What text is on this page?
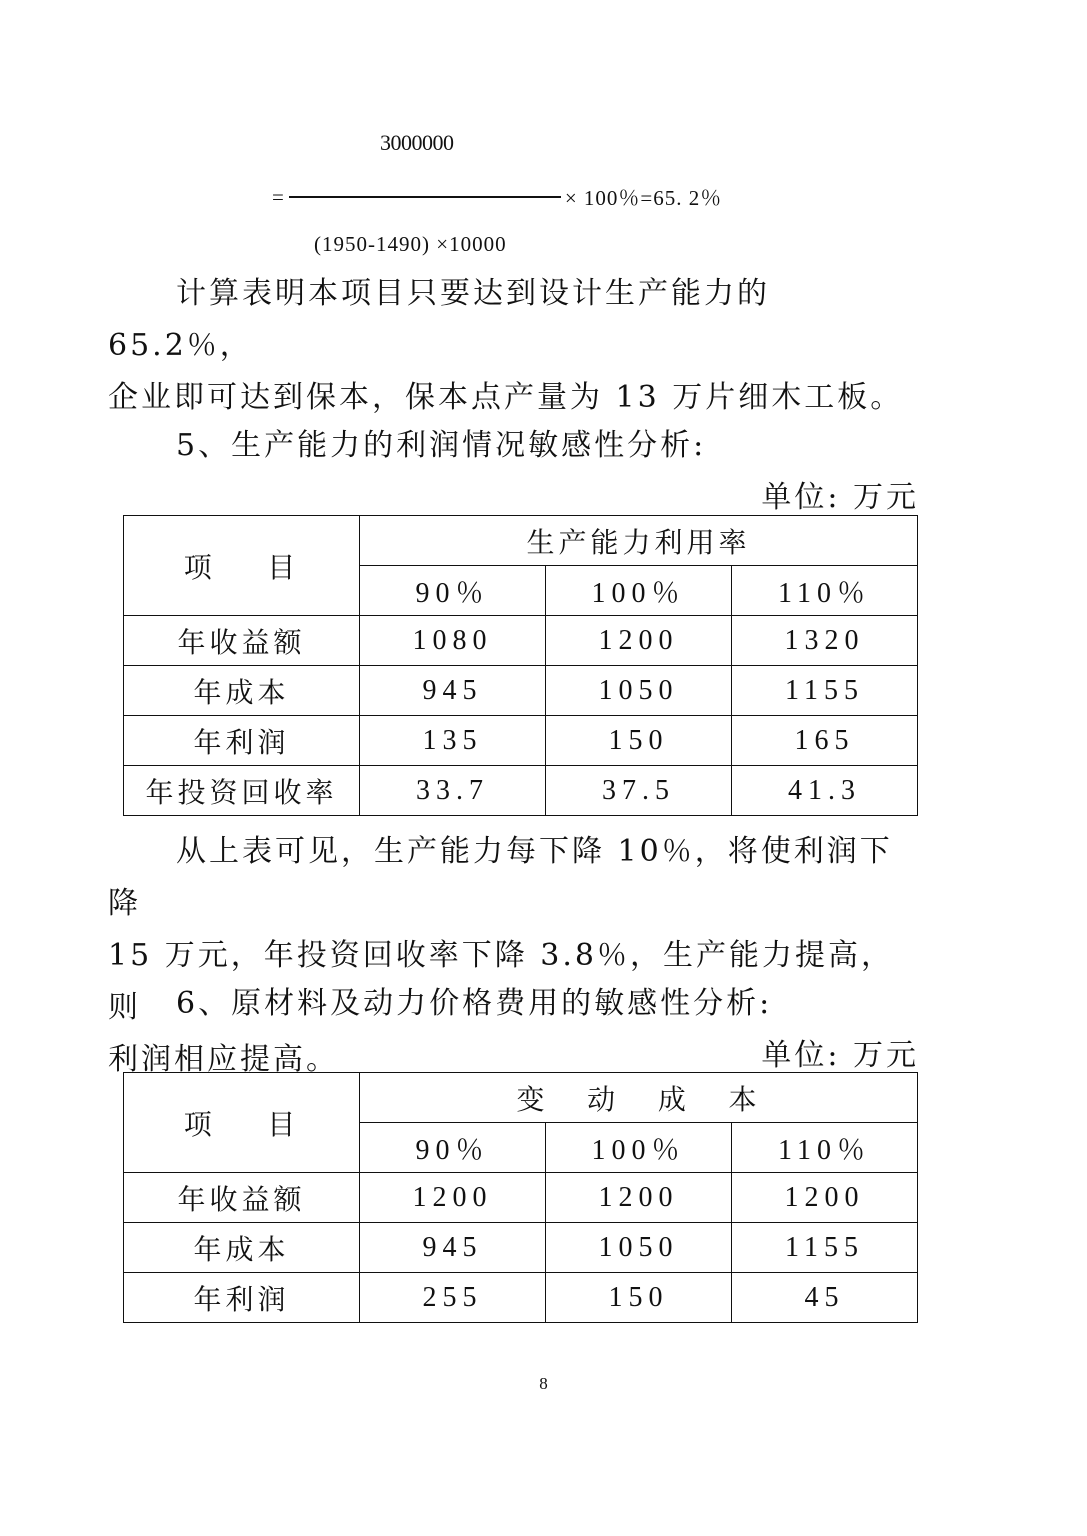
3000000
=	× 100％=65. 2％
(1950-1490) ×10000
计算表明本项目只要达到设计生产能力的 65.2％，
企业即可达到保本，保本点产量为 13 万片细木工板。
5、生产能力的利润情况敏感性分析:
单位: 万元
项    目	生产能力利用率		
	90％	100％	110％
年收益额	1080	1200	1320
年成本	945	1050	1155
年利润	135	150	165
年投资回收率	33.7	37.5	41.3
从上表可见，生产能力每下降 10％，将使利润下降
15 万元，年投资回收率下降 3.8％，生产能力提高，则
利润相应提高。
6、原材料及动力价格费用的敏感性分析:
单位: 万元
项    目	变   动   成   本		
	90％	100％	110％
年收益额	1200	1200	1200
年成本	945	1050	1155
年利润	255	150	45
8
